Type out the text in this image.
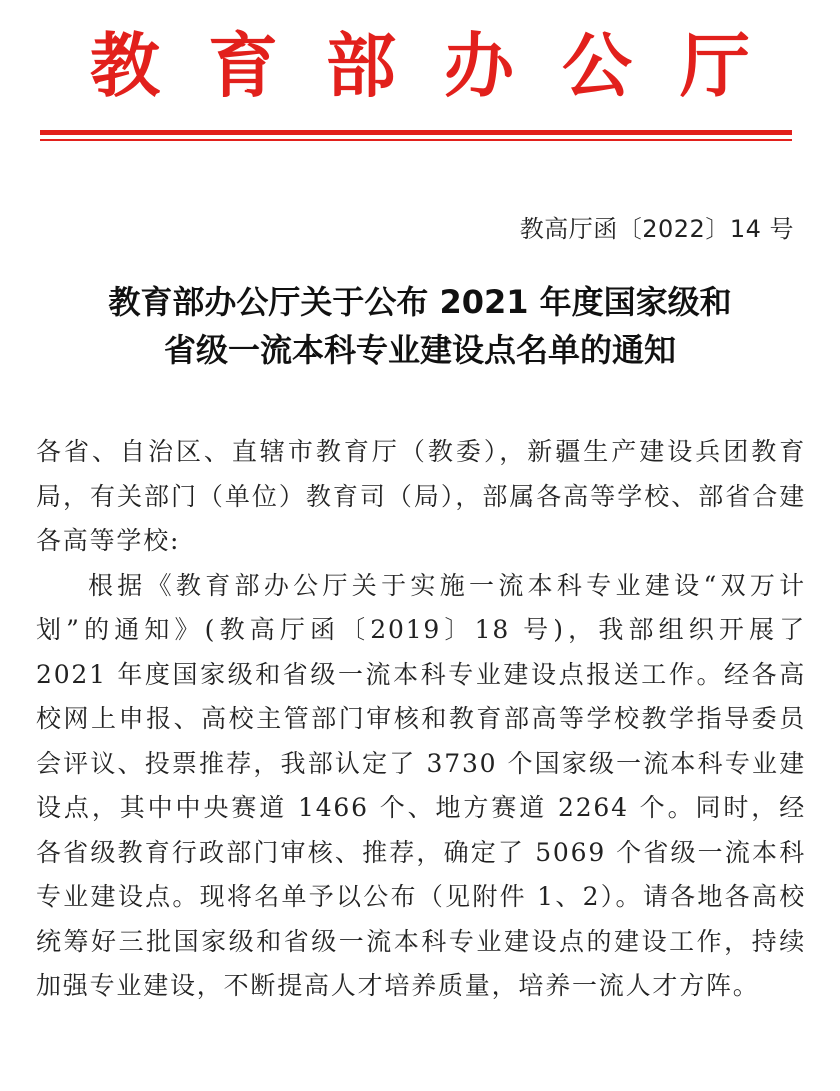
教 育 部 办 公 厅
教高厅函〔2022〕14 号
教育部办公厅关于公布 2021 年度国家级和
省级一流本科专业建设点名单的通知

各省、自治区、直辖市教育厅（教委），新疆生产建设兵团教育局，有关部门（单位）教育司（局），部属各高等学校、部省合建各高等学校:

根据《教育部办公厅关于实施一流本科专业建设“双万计划”的通知》(教高厅函〔2019〕18 号)，我部组织开展了 2021 年度国家级和省级一流本科专业建设点报送工作。经各高校网上申报、高校主管部门审核和教育部高等学校教学指导委员会评议、投票推荐，我部认定了 3730 个国家级一流本科专业建设点，其中中央赛道 1466 个、地方赛道 2264 个。同时，经各省级教育行政部门审核、推荐，确定了 5069 个省级一流本科专业建设点。现将名单予以公布（见附件 1、2）。请各地各高校统筹好三批国家级和省级一流本科专业建设点的建设工作，持续加强专业建设，不断提高人才培养质量，培养一流人才方阵。
